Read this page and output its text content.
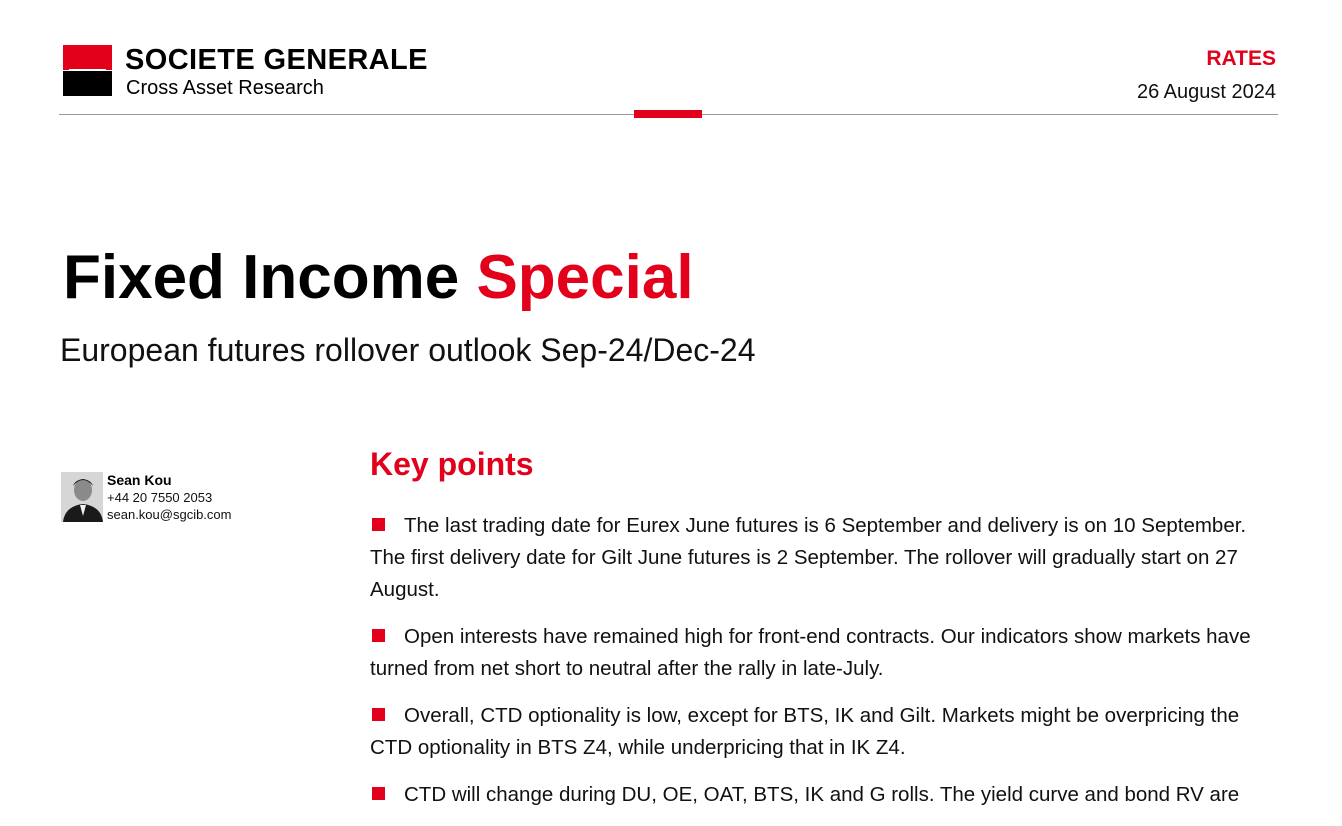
SOCIETE GENERALE
Cross Asset Research
RATES
26 August 2024
Fixed Income Special
European futures rollover outlook Sep-24/Dec-24
Sean Kou
+44 20 7550 2053
sean.kou@sgcib.com
Key points
The last trading date for Eurex June futures is 6 September and delivery is on 10 September. The first delivery date for Gilt June futures is 2 September. The rollover will gradually start on 27 August.
Open interests have remained high for front-end contracts. Our indicators show markets have turned from net short to neutral after the rally in late-July.
Overall, CTD optionality is low, except for BTS, IK and Gilt. Markets might be overpricing the CTD optionality in BTS Z4, while underpricing that in IK Z4.
CTD will change during DU, OE, OAT, BTS, IK and G rolls. The yield curve and bond RV are
